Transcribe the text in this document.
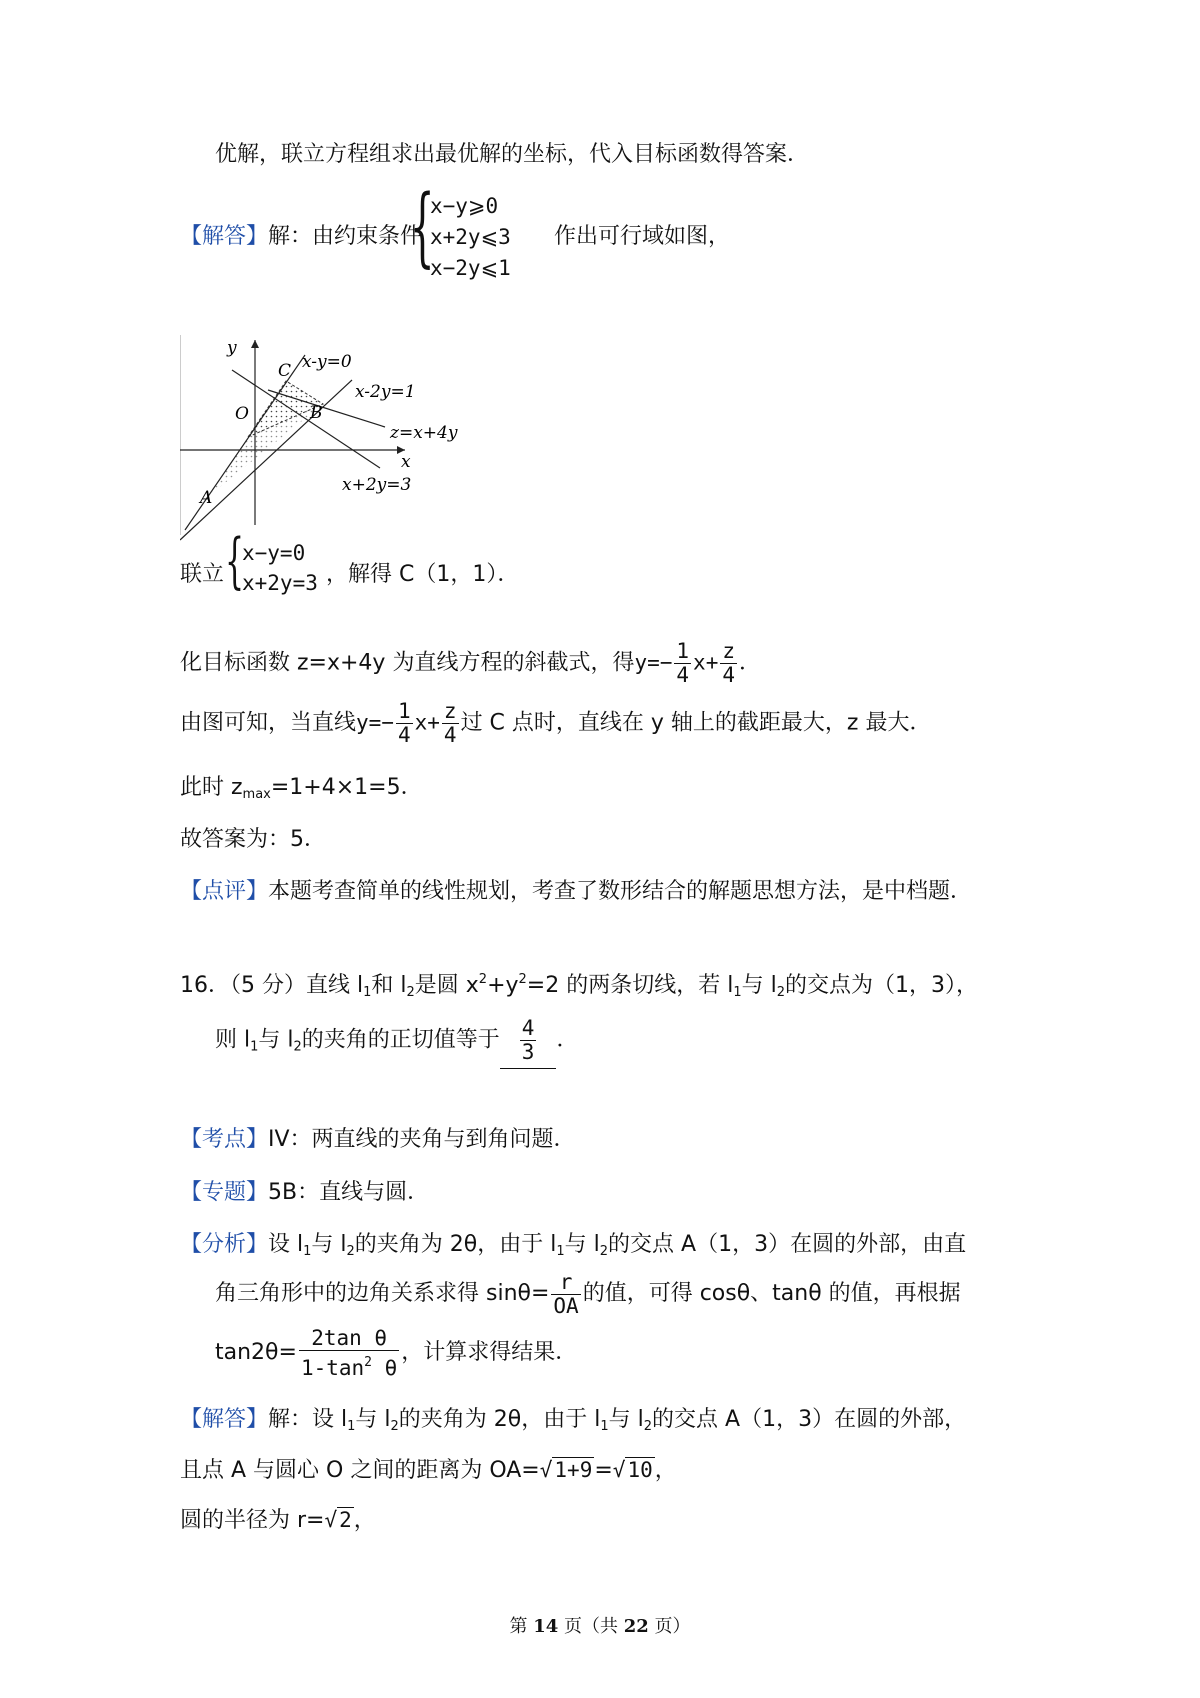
优解，联立方程组求出最优解的坐标，代入目标函数得答案．
【解答】解：由约束条件
{
x−y⩾0
x+2y⩽3
x−2y⩽1
作出可行域如图，
y
x
x-y=0
x-2y=1
z=x+4y
x+2y=3
C
O	B
A
联立 {
x−y=0
x+2y=3 ，解得 C（1，1）．
化目标函数 z=x+4y 为直线方程的斜截式，得$y=- \frac{1}{4} x+ \frac{z}{4}$ ．
由图可知，当直线$y=- \frac{1}{4} x+ \frac{z}{4}$ 过 C 点时，直线在 y 轴上的截距最大，z 最大．
此时 $z_{max}=1+4\times 1=5$．
故答案为：5．
【点评】本题考查简单的线性规划，考查了数形结合的解题思想方法，是中档题．
16．（5 分）直线 $l_1$和 $l_2$是圆 $x^2+y^2=2$ 的两条切线，若 $l_1$与 $l_2$的交点为（1，3），
则 $l_1$与 $l_2$的夹角的正切值等于 $\frac{4}{3}$ ．
【考点】IV：两直线的夹角与到角问题．
【专题】5B：直线与圆．
【分析】设 $l_1$与 $l_2$的夹角为 2θ，由于 $l_1$与 $l_2$的交点 A（1，3）在圆的外部，由直
角三角形中的边角关系求得 $\sin\theta= \frac{r}{OA}$ 的值，可得 cosθ、tanθ 的值，再根据
$\tan 2\theta= \frac{\text{2tan θ}}{1-\tan^2 \theta}$ ，计算求得结果．
【解答】解：设 $l_1$与 $l_2$的夹角为 2θ，由于 $l_1$与 $l_2$的交点 A（1，3）在圆的外部，
且点 A 与圆心 O 之间的距离为 OA=√1+9=√10，
圆的半径为 r=√2，
第 14 页（共 22 页）
